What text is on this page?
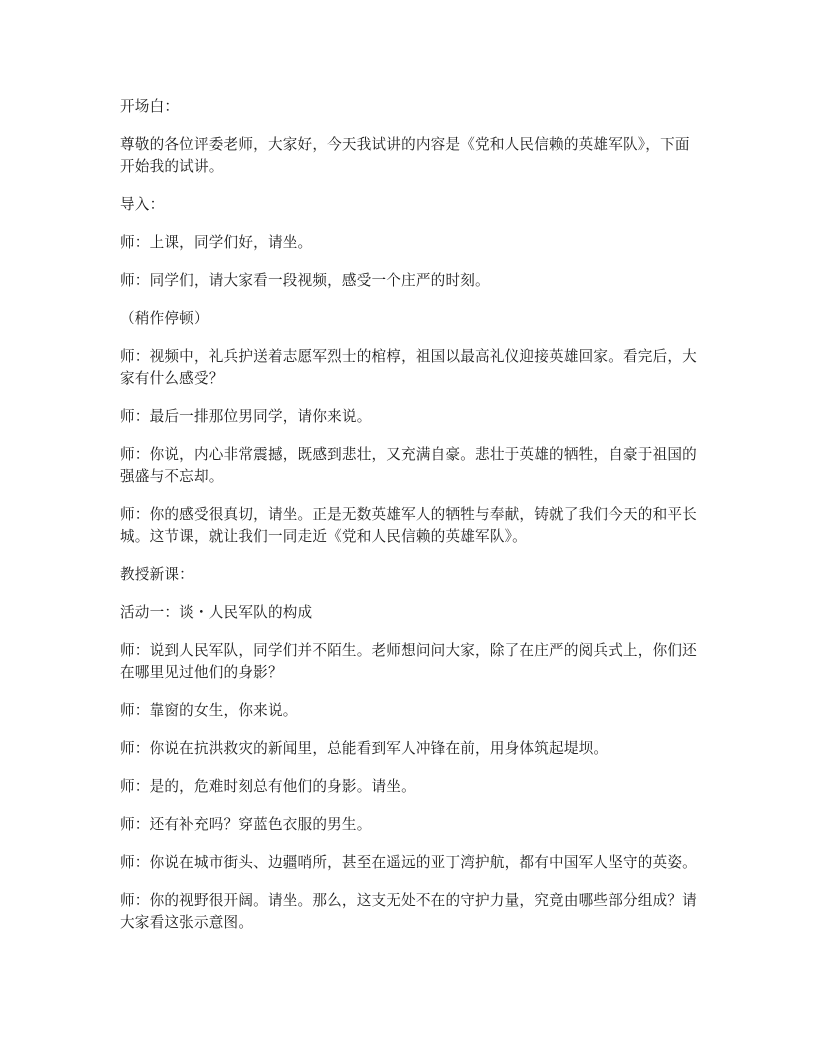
开场白：

尊敬的各位评委老师，大家好，今天我试讲的内容是《党和人民信赖的英雄军队》，下面开始我的试讲。

导入：

师：上课，同学们好，请坐。

师：同学们，请大家看一段视频，感受一个庄严的时刻。

（稍作停顿）

师：视频中，礼兵护送着志愿军烈士的棺椁，祖国以最高礼仪迎接英雄回家。看完后，大家有什么感受？

师：最后一排那位男同学，请你来说。

师：你说，内心非常震撼，既感到悲壮，又充满自豪。悲壮于英雄的牺牲，自豪于祖国的强盛与不忘却。

师：你的感受很真切，请坐。正是无数英雄军人的牺牲与奉献，铸就了我们今天的和平长城。这节课，就让我们一同走近《党和人民信赖的英雄军队》。

教授新课：

活动一：谈・人民军队的构成

师：说到人民军队，同学们并不陌生。老师想问问大家，除了在庄严的阅兵式上，你们还在哪里见过他们的身影？

师：靠窗的女生，你来说。

师：你说在抗洪救灾的新闻里，总能看到军人冲锋在前，用身体筑起堤坝。

师：是的，危难时刻总有他们的身影。请坐。

师：还有补充吗？穿蓝色衣服的男生。

师：你说在城市街头、边疆哨所，甚至在遥远的亚丁湾护航，都有中国军人坚守的英姿。

师：你的视野很开阔。请坐。那么，这支无处不在的守护力量，究竟由哪些部分组成？请大家看这张示意图。
